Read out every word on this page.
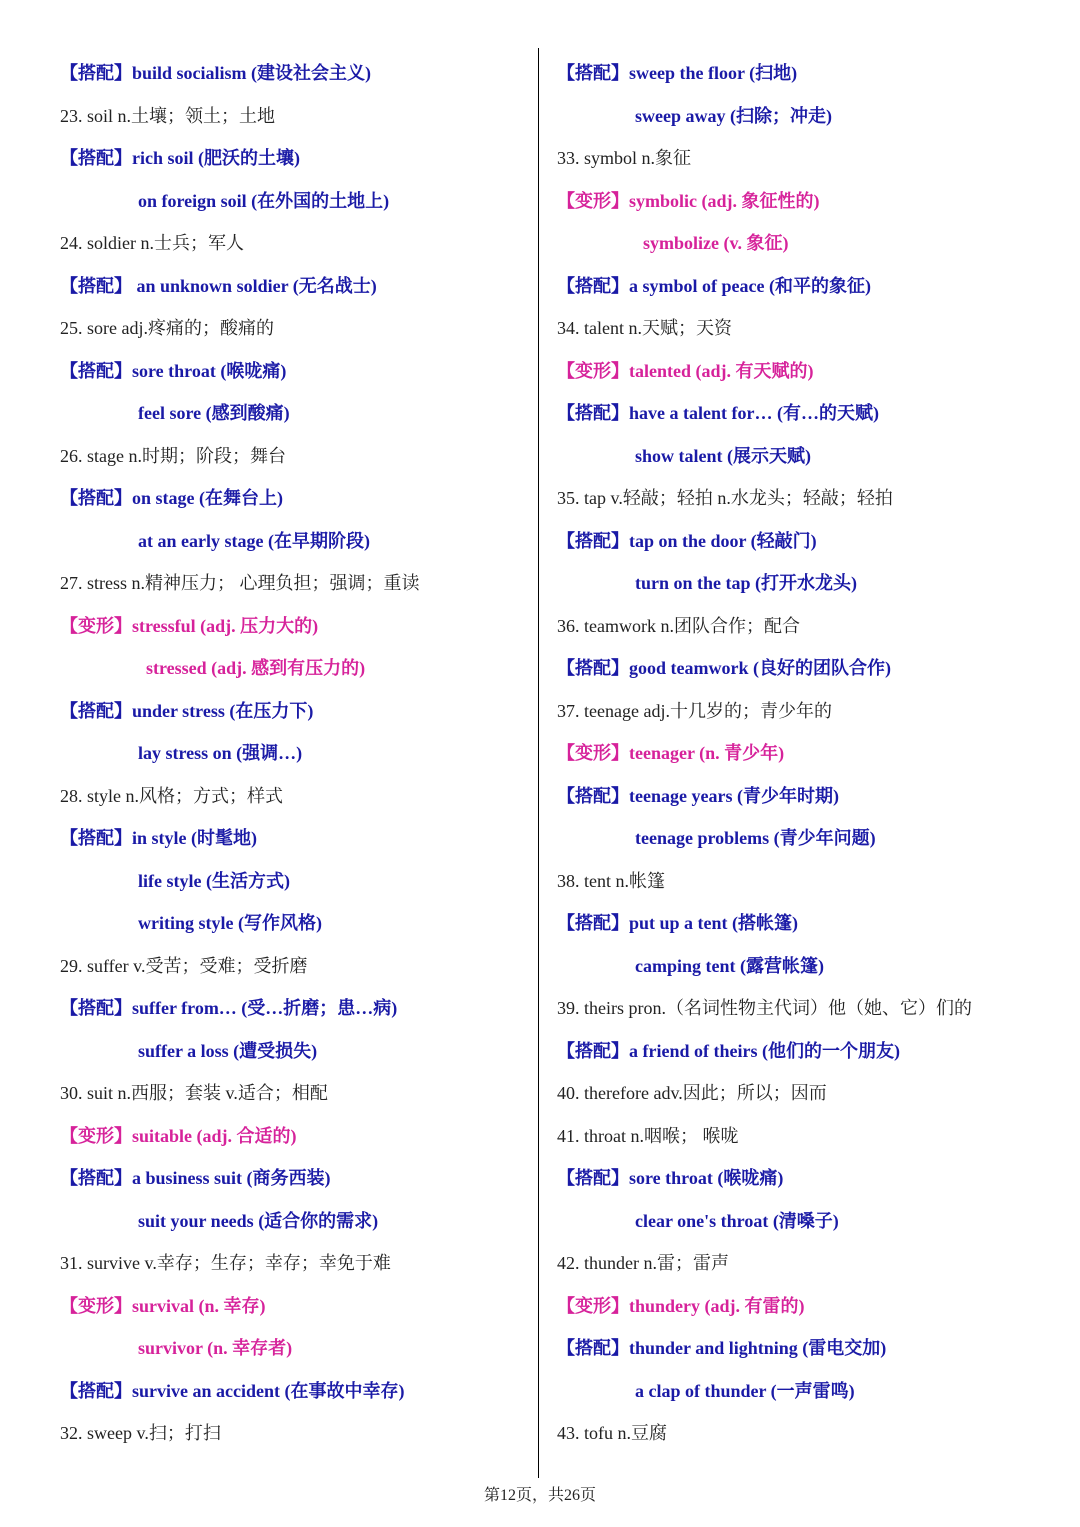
【搭配】build socialism (建设社会主义)
23. soil n.土壤；领土；土地
【搭配】rich soil (肥沃的土壤)
on foreign soil (在外国的土地上)
24. soldier n.士兵；军人
【搭配】 an unknown soldier (无名战士)
25. sore adj.疼痛的；酸痛的
【搭配】sore throat (喉咙痛)
feel sore (感到酸痛)
26. stage n.时期；阶段；舞台
【搭配】on stage (在舞台上)
at an early stage (在早期阶段)
27. stress n.精神压力； 心理负担；强调；重读
【变形】stressful (adj. 压力大的)
stressed (adj. 感到有压力的)
【搭配】under stress (在压力下)
lay stress on (强调…)
28. style n.风格；方式；样式
【搭配】in style (时髦地)
life style (生活方式)
writing style (写作风格)
29. suffer v.受苦；受难；受折磨
【搭配】suffer from… (受…折磨；患…病)
suffer a loss (遭受损失)
30. suit n.西服；套装 v.适合；相配
【变形】suitable (adj. 合适的)
【搭配】a business suit (商务西装)
suit your needs (适合你的需求)
31. survive v.幸存；生存；幸存；幸免于难
【变形】survival (n. 幸存)
survivor (n. 幸存者)
【搭配】survive an accident (在事故中幸存)
32. sweep v.扫；打扫
【搭配】sweep the floor (扫地)
sweep away (扫除；冲走)
33. symbol n.象征
【变形】symbolic (adj. 象征性的)
symbolize (v. 象征)
【搭配】a symbol of peace (和平的象征)
34. talent n.天赋；天资
【变形】talented (adj. 有天赋的)
【搭配】have a talent for… (有…的天赋)
show talent (展示天赋)
35. tap v.轻敲；轻拍 n.水龙头；轻敲；轻拍
【搭配】tap on the door (轻敲门)
turn on the tap (打开水龙头)
36. teamwork n.团队合作；配合
【搭配】good teamwork (良好的团队合作)
37. teenage adj.十几岁的；青少年的
【变形】teenager (n. 青少年)
【搭配】teenage years (青少年时期)
teenage problems (青少年问题)
38. tent n.帐篷
【搭配】put up a tent (搭帐篷)
camping tent (露营帐篷)
39. theirs pron.（名词性物主代词）他（她、它）们的
【搭配】a friend of theirs (他们的一个朋友)
40. therefore adv.因此；所以；因而
41. throat n.咽喉； 喉咙
【搭配】sore throat (喉咙痛)
clear one's throat (清嗓子)
42. thunder n.雷；雷声
【变形】thundery (adj. 有雷的)
【搭配】thunder and lightning (雷电交加)
a clap of thunder (一声雷鸣)
43. tofu n.豆腐
第12页，共26页
